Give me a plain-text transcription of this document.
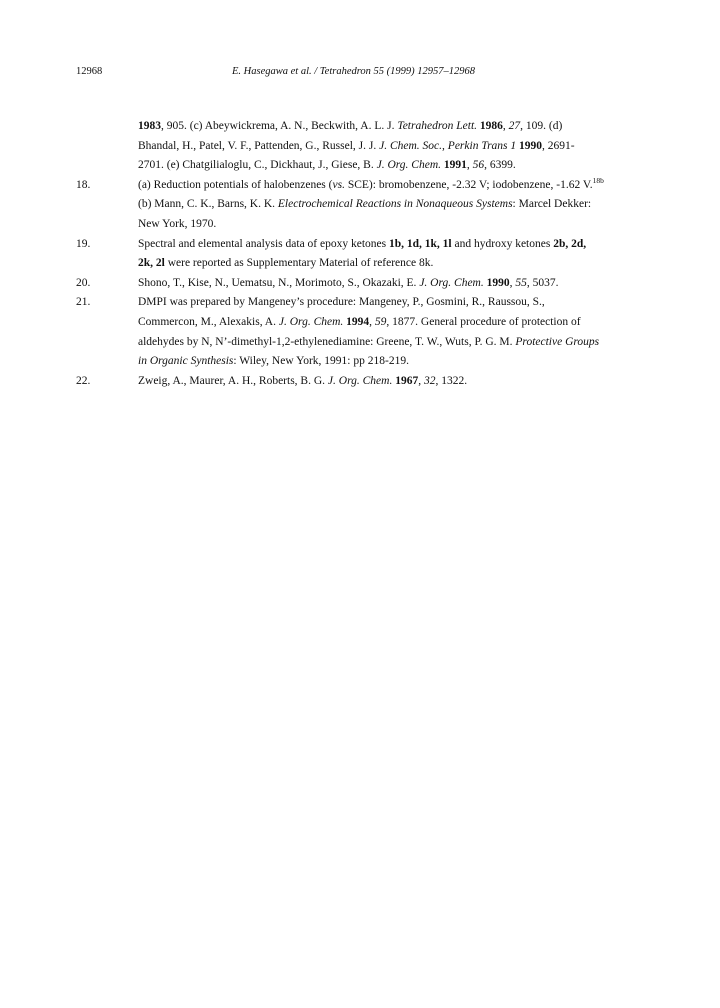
12968	E. Hasegawa et al. / Tetrahedron 55 (1999) 12957–12968
1983, 905. (c) Abeywickrema, A. N., Beckwith, A. L. J. Tetrahedron Lett. 1986, 27, 109. (d)
Bhandal, H., Patel, V. F., Pattenden, G., Russel, J. J. J. Chem. Soc., Perkin Trans 1 1990, 2691-
2701. (e) Chatgilialoglu, C., Dickhaut, J., Giese, B. J. Org. Chem. 1991, 56, 6399.
18.	(a) Reduction potentials of halobenzenes (vs. SCE): bromobenzene, -2.32 V; iodobenzene, -1.62 V.$^{18b}$
(b) Mann, C. K., Barns, K. K. Electrochemical Reactions in Nonaqueous Systems: Marcel Dekker:
New York, 1970.
19.	Spectral and elemental analysis data of epoxy ketones 1b, 1d, 1k, 1l and hydroxy ketones 2b, 2d,
2k, 2l were reported as Supplementary Material of reference 8k.
20.	Shono, T., Kise, N., Uematsu, N., Morimoto, S., Okazaki, E. J. Org. Chem. 1990, 55, 5037.
21.	DMPI was prepared by Mangeney’s procedure: Mangeney, P., Gosmini, R., Raussou, S.,
Commercon, M., Alexakis, A. J. Org. Chem. 1994, 59, 1877. General procedure of protection of
aldehydes by N, N’-dimethyl-1,2-ethylenediamine: Greene, T. W., Wuts, P. G. M. Protective Groups
in Organic Synthesis: Wiley, New York, 1991: pp 218-219.
22.	Zweig, A., Maurer, A. H., Roberts, B. G. J. Org. Chem. 1967, 32, 1322.
